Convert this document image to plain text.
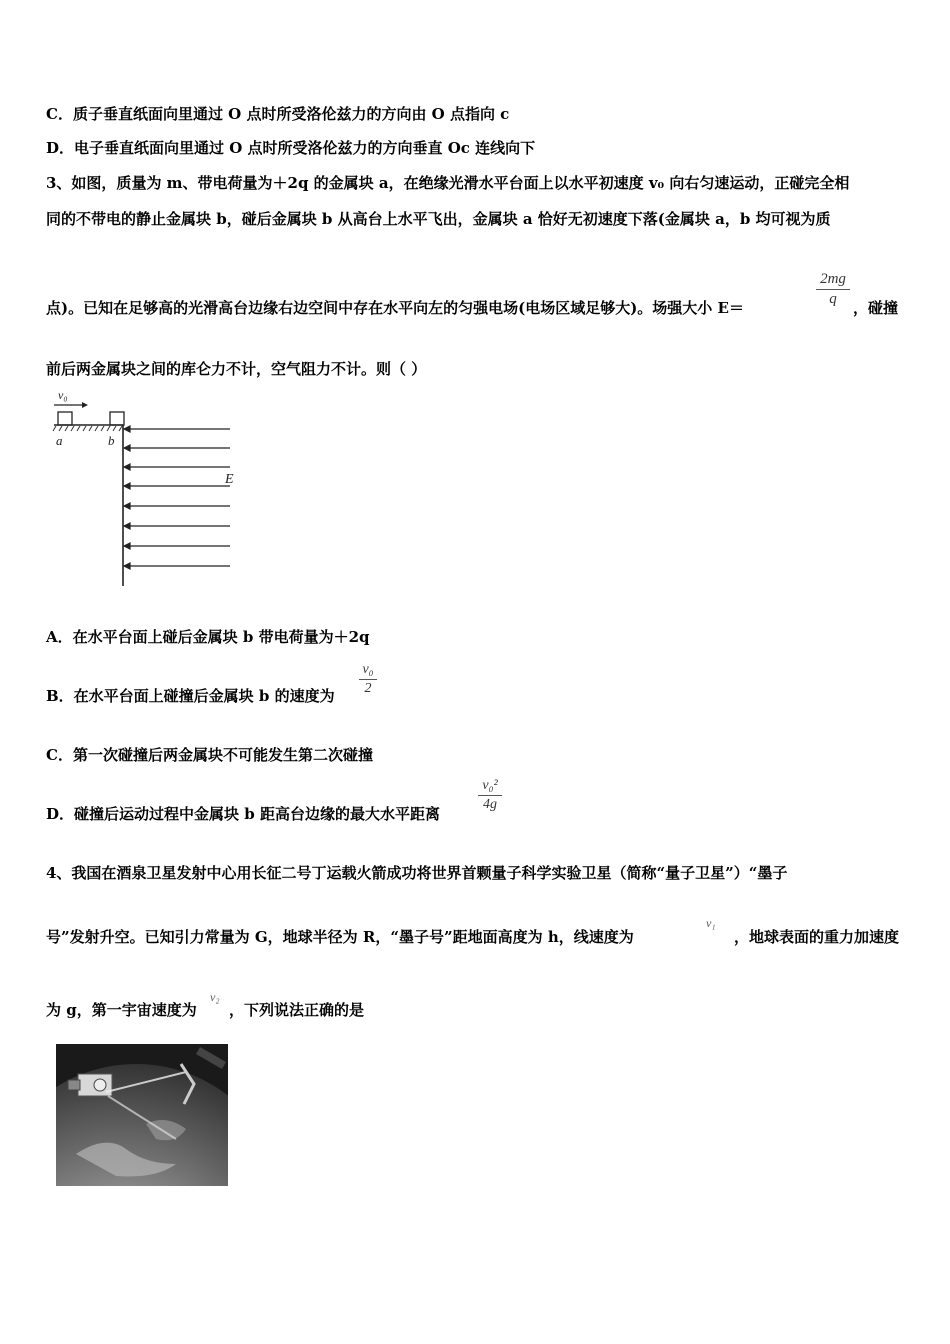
C．质子垂直纸面向里通过 O 点时所受洛伦兹力的方向由 O 点指向 c
D．电子垂直纸面向里通过 O 点时所受洛伦兹力的方向垂直 Oc 连线向下
3、如图，质量为 m、带电荷量为＋2q 的金属块 a，在绝缘光滑水平台面上以水平初速度 v₀ 向右匀速运动，正碰完全相
同的不带电的静止金属块 b，碰后金属块 b 从高台上水平飞出，金属块 a 恰好无初速度下落(金属块 a，b 均可视为质
点)。已知在足够高的光滑高台边缘右边空间中存在水平向左的匀强电场(电场区域足够大)。场强大小 E＝
2mg
q	，碰撞
前后两金属块之间的库仑力不计，空气阻力不计。则（ ）
v₀
a	b
E
A．在水平台面上碰后金属块 b 带电荷量为＋2q
B．在水平台面上碰撞后金属块 b 的速度为
v₀
2
C．第一次碰撞后两金属块不可能发生第二次碰撞
D．碰撞后运动过程中金属块 b 距高台边缘的最大水平距离
v₀²
4g
4、我国在酒泉卫星发射中心用长征二号丁运载火箭成功将世界首颗量子科学实验卫星（简称“量子卫星”）“墨子
号”发射升空。已知引力常量为 G，地球半径为 R，“墨子号”距地面高度为 h，线速度为
v₁
，地球表面的重力加速度
为 g，第一宇宙速度为
v₂
，下列说法正确的是
